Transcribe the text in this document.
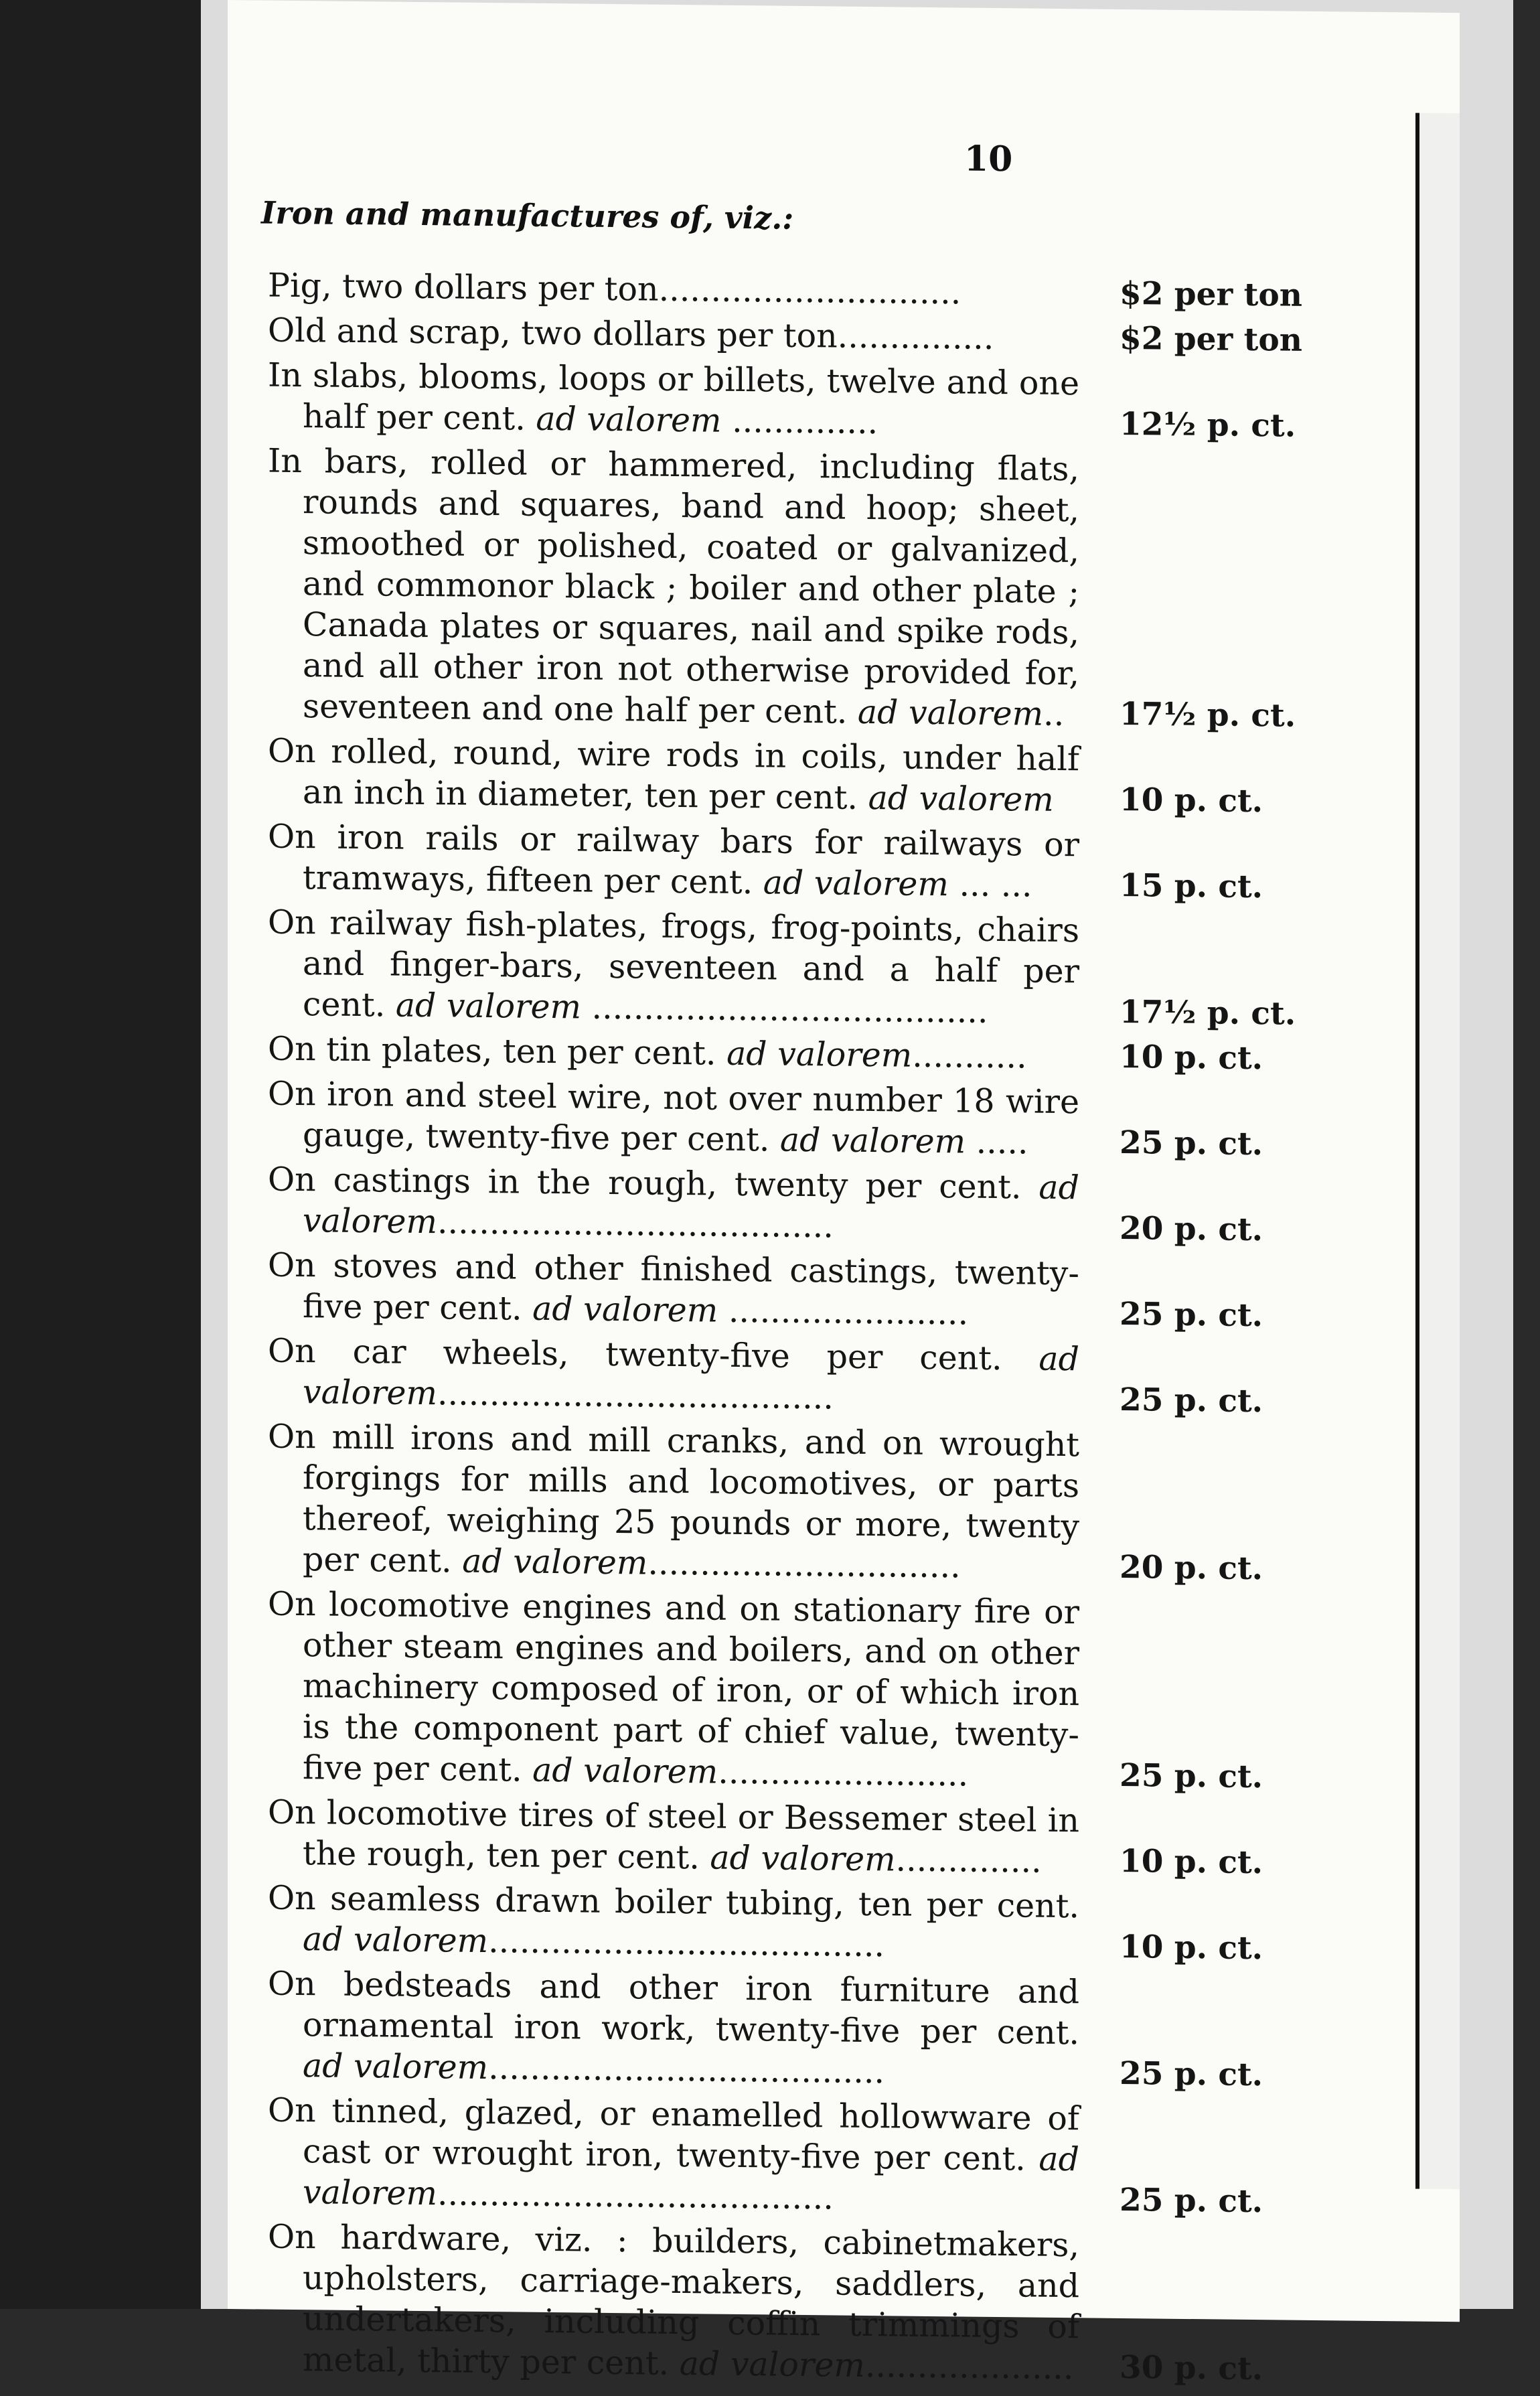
10
Iron and manufactures of, viz.:
Pig, two dollars per ton.............................	$2 per ton
Old and scrap, two dollars per ton...............	$2 per ton
In slabs, blooms, loops or billets, twelve and one half per cent. ad valorem ..............	12½ p. ct.
In bars, rolled or hammered, including flats, rounds and squares, band and hoop; sheet, smoothed or polished, coated or galvanized, and commonor black ; boiler and other plate ; Canada plates or squares, nail and spike rods, and all other iron not otherwise provided for, seventeen and one half per cent. ad valorem..	17½ p. ct.
On rolled, round, wire rods in coils, under half an inch in diameter, ten per cent. ad valorem	10 p. ct.
On iron rails or railway bars for railways or tramways, fifteen per cent. ad valorem ... ...	15 p. ct.
On railway fish-plates, frogs, frog-points, chairs and finger-bars, seventeen and a half per cent. ad valorem ......................................	17½ p. ct.
On tin plates, ten per cent. ad valorem...........	10 p. ct.
On iron and steel wire, not over number 18 wire gauge, twenty-five per cent. ad valorem .....	25 p. ct.
On castings in the rough, twenty per cent. ad valorem......................................	20 p. ct.
On stoves and other finished castings, twenty-five per cent. ad valorem .......................	25 p. ct.
On car wheels, twenty-five per cent. ad valorem......................................	25 p. ct.
On mill irons and mill cranks, and on wrought forgings for mills and locomotives, or parts thereof, weighing 25 pounds or more, twenty per cent. ad valorem..............................	20 p. ct.
On locomotive engines and on stationary fire or other steam engines and boilers, and on other machinery composed of iron, or of which iron is the component part of chief value, twenty-five per cent. ad valorem........................	25 p. ct.
On locomotive tires of steel or Bessemer steel in the rough, ten per cent. ad valorem..............	10 p. ct.
On seamless drawn boiler tubing, ten per cent. ad valorem......................................	10 p. ct.
On bedsteads and other iron furniture and ornamental iron work, twenty-five per cent. ad valorem......................................	25 p. ct.
On tinned, glazed, or enamelled hollowware of cast or wrought iron, twenty-five per cent. ad valorem......................................	25 p. ct.
On hardware, viz. : builders, cabinetmakers, upholsters, carriage-makers, saddlers, and undertakers, including coffin trimmings of metal, thirty per cent. ad valorem.................... 30 p. ct.
